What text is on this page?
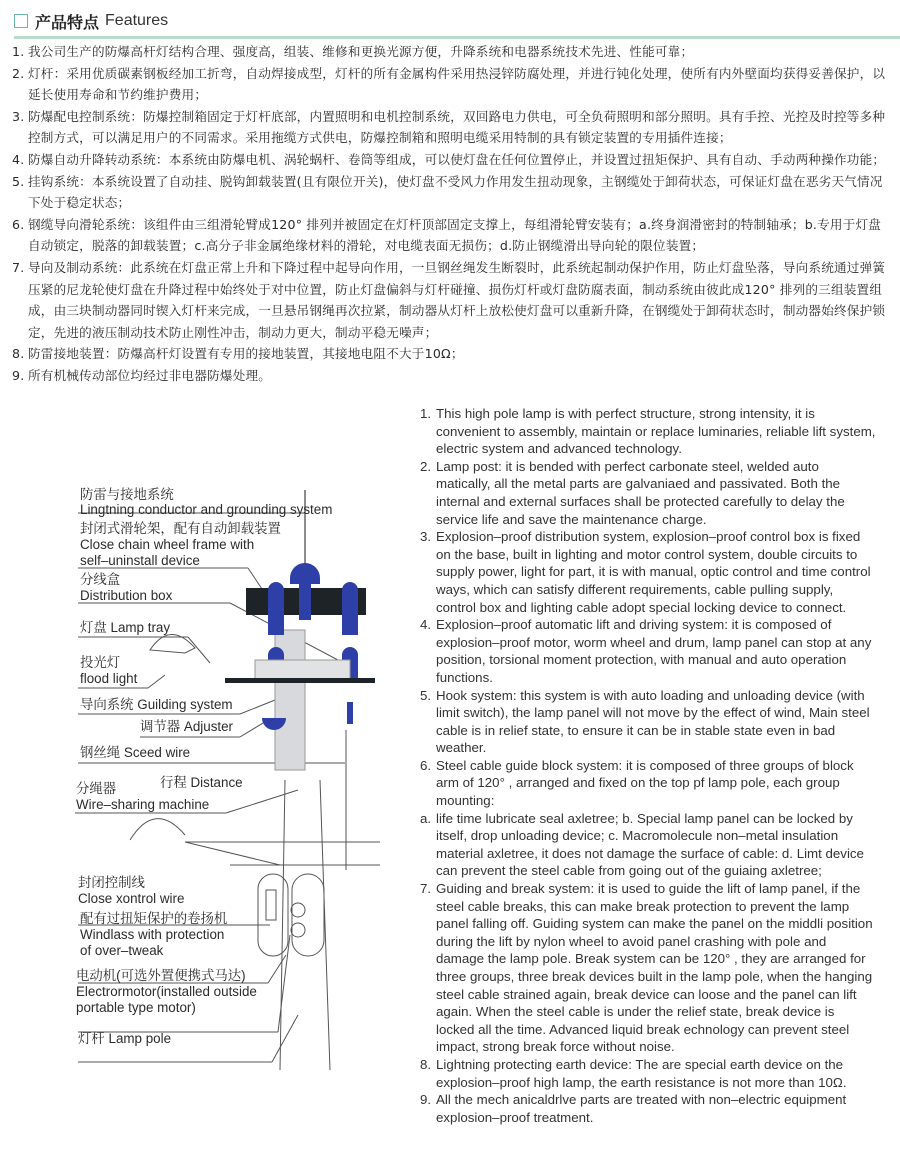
产品特点 Features
1. 我公司生产的防爆高杆灯结构合理、强度高，组装、维修和更换光源方便，升降系统和电器系统技术先进、性能可靠；
2. 灯杆：采用优质碳素钢板经加工折弯，自动焊接成型，灯杆的所有金属构件采用热浸锌防腐处理，并进行钝化处理，使所有内外壁面均获得妥善保护，以延长使用寿命和节约维护费用；
3. 防爆配电控制系统：防爆控制箱固定于灯杆底部，内置照明和电机控制系统，双回路电力供电，可全负荷照明和部分照明。具有手控、光控及时控等多种控制方式，可以满足用户的不同需求。采用拖缆方式供电，防爆控制箱和照明电缆采用特制的具有锁定装置的专用插件连接；
4. 防爆自动升降转动系统：本系统由防爆电机、涡轮蜗杆、卷筒等组成，可以使灯盘在任何位置停止，并设置过扭矩保护、具有自动、手动两种操作功能；
5. 挂钩系统：本系统设置了自动挂、脱钩卸载装置(且有限位开关)，使灯盘不受风力作用发生扭动现象，主钢缆处于卸荷状态，可保证灯盘在恶劣天气情况下处于稳定状态；
6. 钢缆导向滑轮系统：该组件由三组滑轮臂成120° 排列并被固定在灯杆顶部固定支撑上，每组滑轮臂安装有；a.终身润滑密封的特制轴承；b.专用于灯盘自动锁定，脱落的卸载装置；c.高分子非金属绝缘材料的滑轮，对电缆表面无损伤；d.防止钢缆滑出导向轮的限位装置；
7. 导向及制动系统：此系统在灯盘正常上升和下降过程中起导向作用，一旦钢丝绳发生断裂时，此系统起制动保护作用，防止灯盘坠落，导向系统通过弹簧压紧的尼龙轮使灯盘在升降过程中始终处于对中位置，防止灯盘偏斜与灯杆碰撞、损伤灯杆或灯盘防腐表面，制动系统由彼此成120° 排列的三组装置组成，由三块制动器同时锲入灯杆来完成，一旦悬吊钢绳再次拉紧，制动器从灯杆上放松使灯盘可以重新升降，在钢缆处于卸荷状态时，制动器始终保护锁定，先进的液压制动技术防止刚性冲击，制动力更大，制动平稳无噪声；
8. 防雷接地装置：防爆高杆灯设置有专用的接地装置，其接地电阻不大于10Ω；
9. 所有机械传动部位均经过非电器防爆处理。
防雷与接地系统
Lingtning conductor and grounding system
封闭式滑轮架，配有自动卸载装置
Close chain wheel frame with
self–uninstall device
分线盒
Distribution box
灯盘 Lamp tray
投光灯
flood light
导向系统 Guilding system
调节器 Adjuster
钢丝绳 Sceed wire
行程 Distance
分绳器
Wire–sharing machine
封闭控制线
Close xontrol wire
配有过扭矩保护的卷扬机
Windlass with protection
of over–tweak
电动机(可选外置便携式马达)
Electrormotor(installed outside
portable type motor)
灯杆 Lamp pole
1. This high pole lamp is with perfect structure, strong intensity, it is convenient to assembly, maintain or replace luminaries, reliable lift system, electric system and advanced technology.
2. Lamp post: it is bended with perfect carbonate steel, welded auto matically, all the metal parts are galvaniaed and passivated. Both the internal and external surfaces shall be protected carefully to delay the service life and save the maintenance charge.
3. Explosion–proof distribution system, explosion–proof control box is fixed on the base, built in lighting and motor control system, double circuits to supply power, light for part, it is with manual, optic control and time control ways, which can satisfy different requirements, cable pulling supply, control box and lighting cable adopt special locking device to connect.
4. Explosion–proof automatic lift and driving system: it is composed of explosion–proof motor, worm wheel and drum, lamp panel can stop at any position, torsional moment protection, with manual and auto operation functions.
5. Hook system: this system is with auto loading and unloading device (with limit switch), the lamp panel will not move by the effect of wind, Main steel cable is in relief state, to ensure it can be in stable state even in bad weather.
6. Steel cable guide block system: it is composed of three groups of block arm of 120° , arranged and fixed on the top pf lamp pole, each group mounting:
a. life time lubricate seal axletree; b. Special lamp panel can be locked by itself, drop unloading device; c. Macromolecule non–metal insulation material axletree, it does not damage the surface of cable: d. Limt device can prevent the steel cable from going out of the guiaing axletree;
7. Guiding and break system: it is used to guide the lift of lamp panel, if the steel cable breaks, this can make break protection to prevent the lamp panel falling off. Guiding system can make the panel on the middli position during the lift by nylon wheel to avoid panel crashing with pole and damage the lamp pole. Break system can be 120° , they are arranged for three groups, three break devices built in the lamp pole, when the hanging steel cable strained again, break device can loose and the panel can lift again. When the steel cable is under the relief state, break device is locked all the time. Advanced liquid break echnology can prevent steel impact, strong break force without noise.
8. Lightning protecting earth device: The are special earth device on the explosion–proof high lamp, the earth resistance is not more than 10Ω.
9. All the mech anicaldrlve parts are treated with non–electric equipment explosion–proof treatment.
